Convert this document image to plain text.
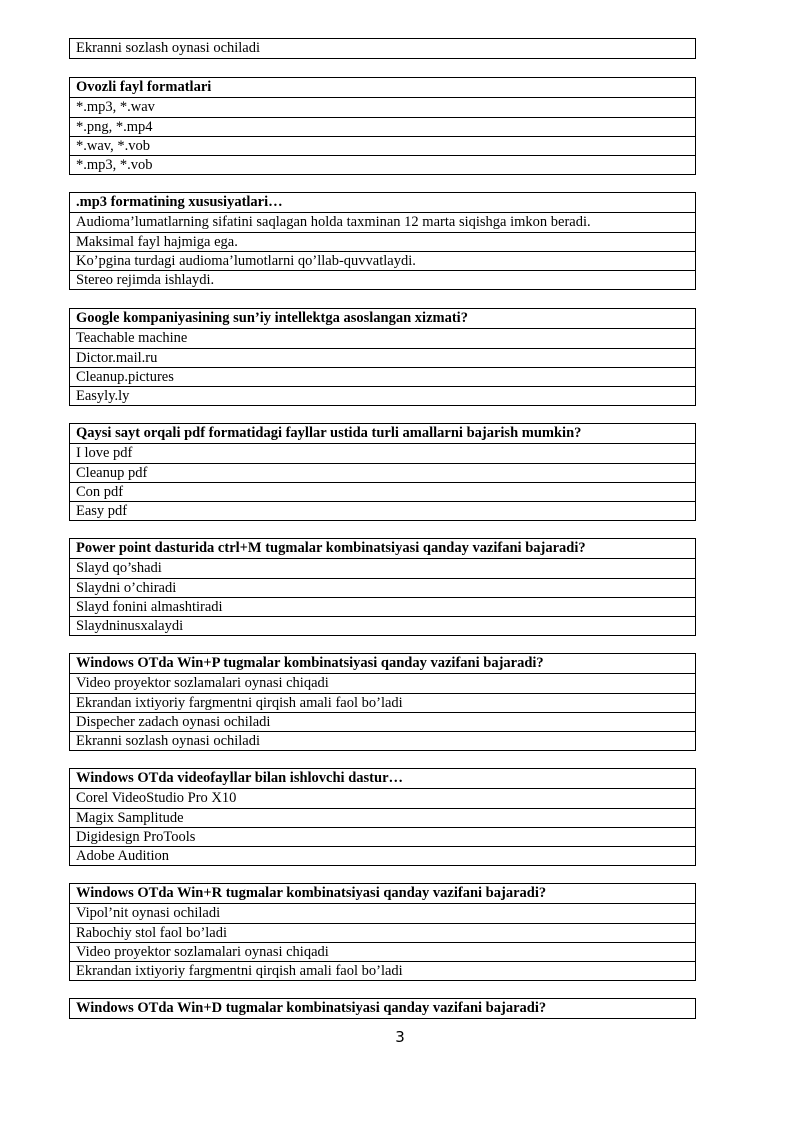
Ekranni sozlash oynasi ochiladi
Ovozli fayl formatlari
*.mp3, *.wav
*.png, *.mp4
*.wav, *.vob
*.mp3, *.vob
.mp3 formatining xususiyatlari…
Audioma’lumatlarning sifatini saqlagan holda taxminan 12 marta siqishga imkon beradi.
Maksimal fayl hajmiga ega.
Ko’pgina turdagi audioma’lumotlarni qo’llab-quvvatlaydi.
Stereo rejimda ishlaydi.
Google kompaniyasining sun’iy intellektga asoslangan xizmati?
Teachable machine
Dictor.mail.ru
Cleanup.pictures
Easyly.ly
Qaysi sayt orqali pdf formatidagi fayllar ustida turli amallarni bajarish mumkin?
I love pdf
Cleanup pdf
Con pdf
Easy pdf
Power point dasturida ctrl+M tugmalar kombinatsiyasi qanday vazifani bajaradi?
Slayd qo’shadi
Slaydni o’chiradi
Slayd fonini almashtiradi
Slaydninusxalaydi
Windows OTda Win+P tugmalar kombinatsiyasi qanday vazifani bajaradi?
Video proyektor sozlamalari oynasi chiqadi
Ekrandan ixtiyoriy fargmentni qirqish amali faol bo’ladi
Dispecher zadach oynasi ochiladi
Ekranni sozlash oynasi ochiladi
Windows OTda videofayllar bilan ishlovchi dastur…
Corel VideoStudio Pro X10
Magix Samplitude
Digidesign ProTools
Adobe Audition
Windows OTda Win+R tugmalar kombinatsiyasi qanday vazifani bajaradi?
Vipol’nit oynasi ochiladi
Rabochiy stol faol bo’ladi
Video proyektor sozlamalari oynasi chiqadi
Ekrandan ixtiyoriy fargmentni qirqish amali faol bo’ladi
Windows OTda Win+D tugmalar kombinatsiyasi qanday vazifani bajaradi?
3
